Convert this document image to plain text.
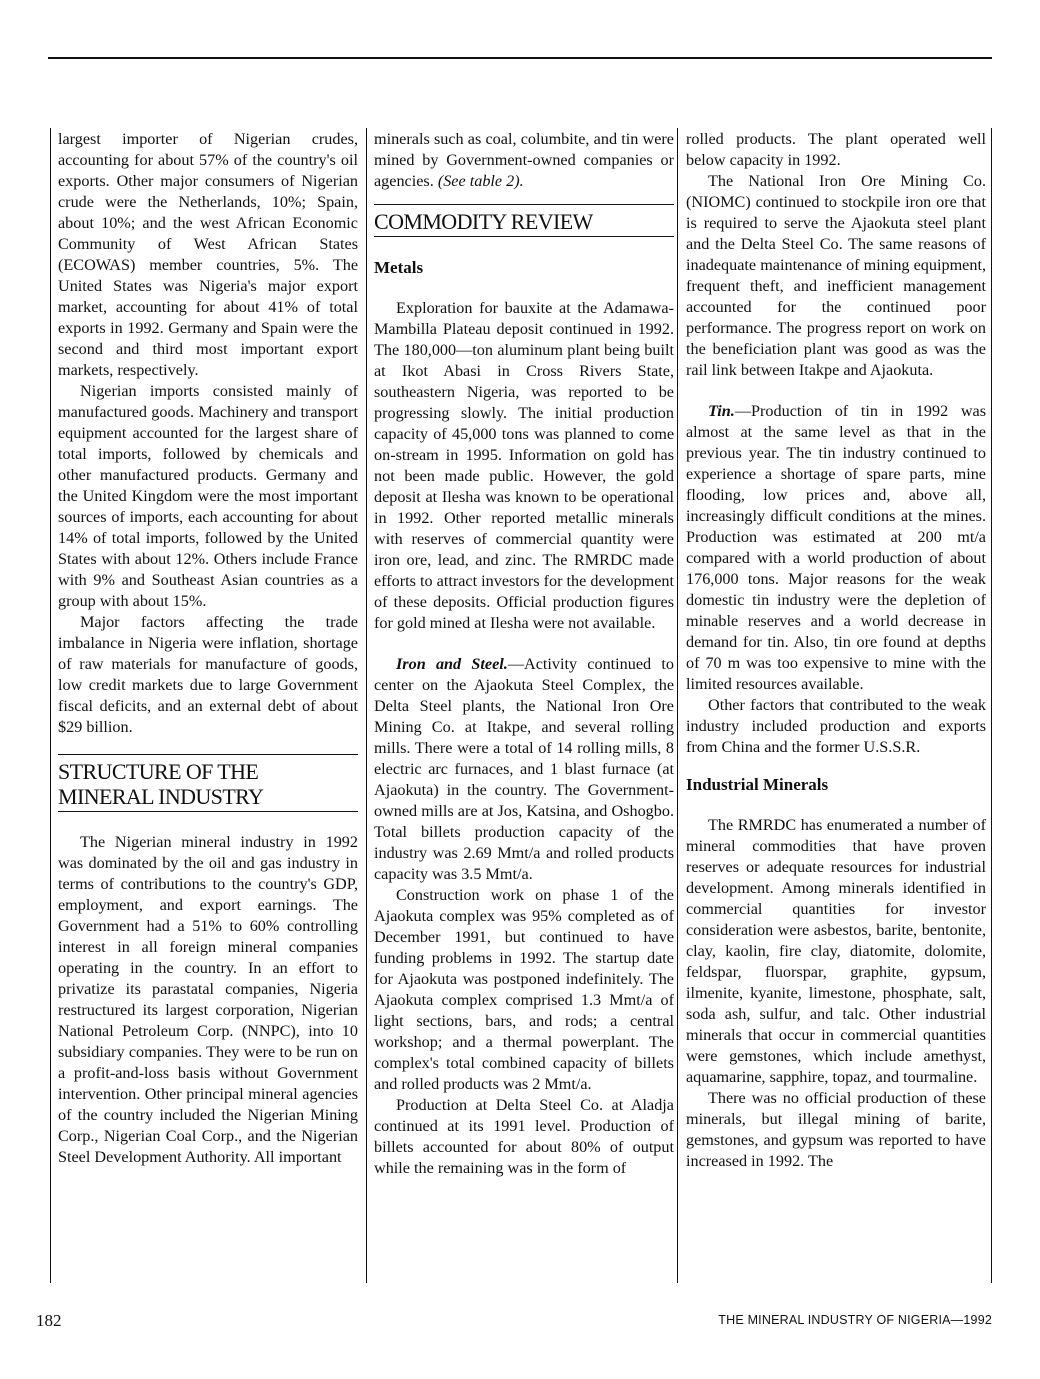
largest importer of Nigerian crudes, accounting for about 57% of the country's oil exports. Other major consumers of Nigerian crude were the Netherlands, 10%; Spain, about 10%; and the west African Economic Community of West African States (ECOWAS) member countries, 5%. The United States was Nigeria's major export market, accounting for about 41% of total exports in 1992. Germany and Spain were the second and third most important export markets, respectively.

Nigerian imports consisted mainly of manufactured goods. Machinery and transport equipment accounted for the largest share of total imports, followed by chemicals and other manufactured products. Germany and the United Kingdom were the most important sources of imports, each accounting for about 14% of total imports, followed by the United States with about 12%. Others include France with 9% and Southeast Asian countries as a group with about 15%.

Major factors affecting the trade imbalance in Nigeria were inflation, shortage of raw materials for manufacture of goods, low credit markets due to large Government fiscal deficits, and an external debt of about $29 billion.

STRUCTURE OF THE
MINERAL INDUSTRY

The Nigerian mineral industry in 1992 was dominated by the oil and gas industry in terms of contributions to the country's GDP, employment, and export earnings. The Government had a 51% to 60% controlling interest in all foreign mineral companies operating in the country. In an effort to privatize its parastatal companies, Nigeria restructured its largest corporation, Nigerian National Petroleum Corp. (NNPC), into 10 subsidiary companies. They were to be run on a profit-and-loss basis without Government intervention. Other principal mineral agencies of the country included the Nigerian Mining Corp., Nigerian Coal Corp., and the Nigerian Steel Development Authority. All important

minerals such as coal, columbite, and tin were mined by Government-owned companies or agencies. (See table 2).

COMMODITY REVIEW
Metals

Exploration for bauxite at the Adamawa-Mambilla Plateau deposit continued in 1992. The 180,000—ton aluminum plant being built at Ikot Abasi in Cross Rivers State, southeastern Nigeria, was reported to be progressing slowly. The initial production capacity of 45,000 tons was planned to come on-stream in 1995. Information on gold has not been made public. However, the gold deposit at Ilesha was known to be operational in 1992. Other reported metallic minerals with reserves of commercial quantity were iron ore, lead, and zinc. The RMRDC made efforts to attract investors for the development of these deposits. Official production figures for gold mined at Ilesha were not available.

Iron and Steel.—Activity continued to center on the Ajaokuta Steel Complex, the Delta Steel plants, the National Iron Ore Mining Co. at Itakpe, and several rolling mills. There were a total of 14 rolling mills, 8 electric arc furnaces, and 1 blast furnace (at Ajaokuta) in the country. The Government-owned mills are at Jos, Katsina, and Oshogbo. Total billets production capacity of the industry was 2.69 Mmt/a and rolled products capacity was 3.5 Mmt/a.

Construction work on phase 1 of the Ajaokuta complex was 95% completed as of December 1991, but continued to have funding problems in 1992. The startup date for Ajaokuta was postponed indefinitely. The Ajaokuta complex comprised 1.3 Mmt/a of light sections, bars, and rods; a central workshop; and a thermal powerplant. The complex's total combined capacity of billets and rolled products was 2 Mmt/a.

Production at Delta Steel Co. at Aladja continued at its 1991 level. Production of billets accounted for about 80% of output while the remaining was in the form of

rolled products. The plant operated well below capacity in 1992.

The National Iron Ore Mining Co. (NIOMC) continued to stockpile iron ore that is required to serve the Ajaokuta steel plant and the Delta Steel Co. The same reasons of inadequate maintenance of mining equipment, frequent theft, and inefficient management accounted for the continued poor performance. The progress report on work on the beneficiation plant was good as was the rail link between Itakpe and Ajaokuta.

Tin.—Production of tin in 1992 was almost at the same level as that in the previous year. The tin industry continued to experience a shortage of spare parts, mine flooding, low prices and, above all, increasingly difficult conditions at the mines. Production was estimated at 200 mt/a compared with a world production of about 176,000 tons. Major reasons for the weak domestic tin industry were the depletion of minable reserves and a world decrease in demand for tin. Also, tin ore found at depths of 70 m was too expensive to mine with the limited resources available.

Other factors that contributed to the weak industry included production and exports from China and the former U.S.S.R.

Industrial Minerals

The RMRDC has enumerated a number of mineral commodities that have proven reserves or adequate resources for industrial development. Among minerals identified in commercial quantities for investor consideration were asbestos, barite, bentonite, clay, kaolin, fire clay, diatomite, dolomite, feldspar, fluorspar, graphite, gypsum, ilmenite, kyanite, limestone, phosphate, salt, soda ash, sulfur, and talc. Other industrial minerals that occur in commercial quantities were gemstones, which include amethyst, aquamarine, sapphire, topaz, and tourmaline.

There was no official production of these minerals, but illegal mining of barite, gemstones, and gypsum was reported to have increased in 1992. The

182	THE MINERAL INDUSTRY OF NIGERIA—1992
